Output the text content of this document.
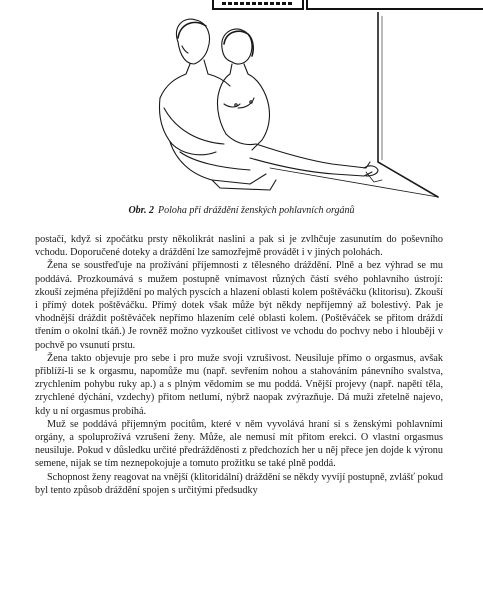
Obr. 2 Poloha při dráždění ženských pohlavních orgánů

postačí, když si zpočátku prsty několikrát naslini a pak si je zvlhčuje zasunutím do poševního vchodu. Doporučené doteky a dráždění lze samozřejmě provádět i v jiných polohách.

Žena se soustřeďuje na prožívání příjemnosti z tělesného dráždění. Plně a bez výhrad se mu poddává. Prozkoumává s mužem postupně vnímavost různých částí svého pohlavního ústrojí: zkouší zejména přejíždění po malých pyscích a hlazení oblasti kolem poštěváčku (klitorisu). Zkouší i přímý dotek poštěváčku. Přímý dotek však může být někdy nepříjemný až bolestivý. Pak je vhodnější dráždit poštěváček nepřímo hlazením celé oblasti kolem. (Poštěváček se přitom dráždí třením o okolní tkáň.) Je rovněž možno vyzkoušet citlivost ve vchodu do pochvy nebo i hlouběji v pochvě po vsunutí prstu.

Žena takto objevuje pro sebe i pro muže svoji vzrušivost. Neusiluje přímo o orgasmus, avšak přiblíží-li se k orgasmu, napomůže mu (např. sevřením nohou a stahováním pánevního svalstva, zrychlením pohybu ruky ap.) a s plným vědomím se mu poddá. Vnější projevy (např. napětí těla, zrychlené dýchání, vzdechy) přitom netlumí, nýbrž naopak zvýrazňuje. Dá muži zřetelně najevo, kdy u ní orgasmus probíhá.

Muž se poddává příjemným pocitům, které v něm vyvolává hraní si s ženskými pohlavními orgány, a spoluprožívá vzrušení ženy. Může, ale nemusí mít přitom erekci. O vlastní orgasmus neusiluje. Pokud v důsledku určité předrážděnosti z předchozích her u něj přece jen dojde k výronu semene, nijak se tím neznepokojuje a tomuto prožitku se také plně poddá.

Schopnost ženy reagovat na vnější (klitoridální) dráždění se někdy vyvíjí postupně, zvlášť pokud byl tento způsob dráždění spojen s určitými předsudky
